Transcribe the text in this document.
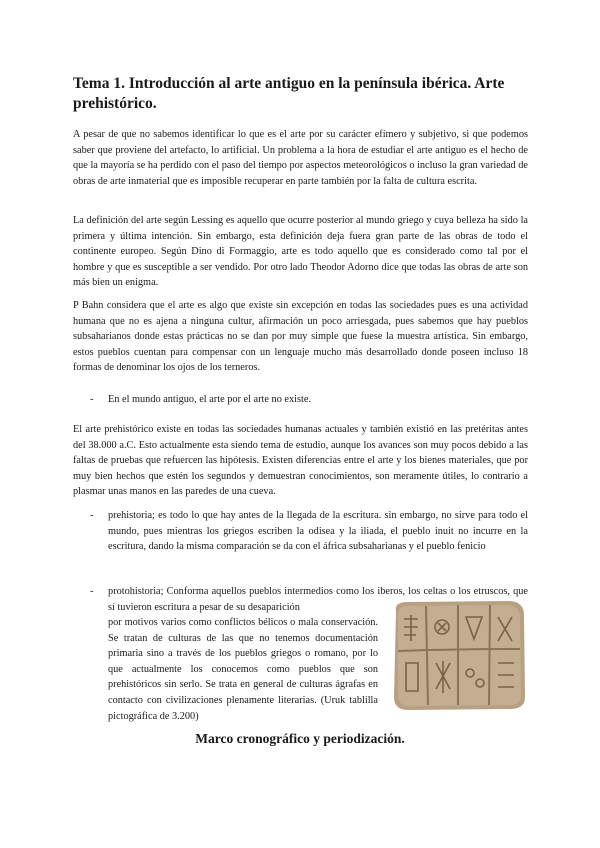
Tema 1. Introducción al arte antiguo en la península ibérica. Arte prehistórico.

A pesar de que no sabemos identificar lo que es el arte por su carácter efímero y subjetivo, si que podemos saber que proviene del artefacto, lo artificial. Un problema a la hora de estudiar el arte antiguo es el hecho de que la mayoría se ha perdido con el paso del tiempo por aspectos meteorológicos o incluso la gran variedad de obras de arte inmaterial que es imposible recuperar en parte también por la falta de cultura escrita.

La definición del arte según Lessing es aquello que ocurre posterior al mundo griego y cuya belleza ha sido la primera y última intención. Sin embargo, esta definición deja fuera gran parte de las obras de todo el continente europeo. Según Dino di Formaggio, arte es todo aquello que es considerado como tal por el hombre y que es susceptible a ser vendido. Por otro lado Theodor Adorno dice que todas las obras de arte son más bien un enigma.

P Bahn considera que el arte es algo que existe sin excepción en todas las sociedades pues es una actividad humana que no es ajena a ninguna cultur, afirmación un poco arriesgada, pues sabemos que hay pueblos subsaharianos donde estas prácticas no se dan por muy simple que fuese la muestra artística. Sin embargo, estos pueblos cuentan para compensar con un lenguaje mucho más desarrollado donde poseen incluso 18 formas de denominar los ojos de los terneros.

- En el mundo antiguo, el arte por el arte no existe.

El arte prehistórico existe en todas las sociedades humanas actuales y también existió en las pretéritas antes del 38.000 a.C. Esto actualmente esta siendo tema de estudio, aunque los avances son muy pocos debido a las faltas de pruebas que refuercen las hipótesis. Existen diferencias entre el arte y los bienes materiales, que por muy bien hechos que estén los segundos y demuestran conocimientos, son meramente útiles, lo contrario a plasmar unas manos en las paredes de una cueva.

- prehistoria; es todo lo que hay antes de la llegada de la escritura. sin embargo, no sirve para todo el mundo, pues mientras los griegos escriben la odisea y la iliada, el pueblo inuit no incurre en la escritura, dando la misma comparación se da con el áfrica subsaharianas y el pueblo fenicio

- protohistoria; Conforma aquellos pueblos intermedios como los iberos, los celtas o los etruscos, que sí tuvieron escritura a pesar de su desaparición

por motivos varios como conflictos bélicos o mala conservación. Se tratan de culturas de las que no tenemos documentación primaria sino a través de los pueblos griegos o romano, por lo que actualmente los conocemos como pueblos que son prehistóricos sin serlo. Se trata en general de culturas ágrafas en contacto con civilizaciones plenamente literarias. (Uruk tablilla pictográfica de 3.200)

Marco cronográfico y periodización.
